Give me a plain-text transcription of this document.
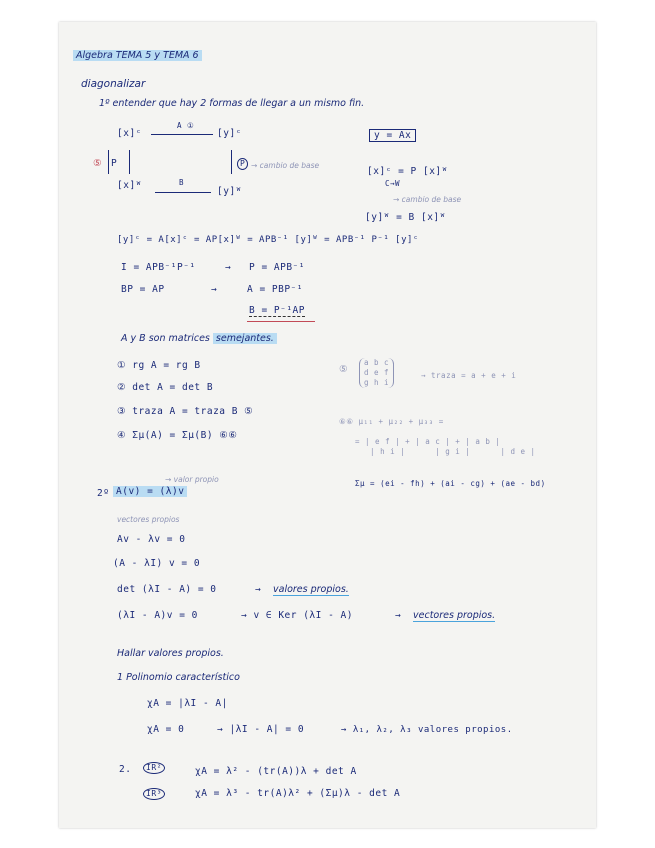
Algebra TEMA 5 y TEMA 6
diagonalizar
1º entender que hay 2 formas de llegar a un mismo fin.
[x]ᶜ
A ①
[y]ᶜ	y = Ax
⑤ P	P → cambio de base
[x]ᶜ = P [x]ᵂ
C→W
[x]ᵂ	B
[y]ᵂ
→ cambio de base
[y]ᵂ = B [x]ᵂ
[y]ᶜ = A[x]ᶜ = AP[x]ᵂ = APB⁻¹ [y]ᵂ = APB⁻¹ P⁻¹ [y]ᶜ
I = APB⁻¹P⁻¹	→ P = APB⁻¹
BP = AP	→	A = PBP⁻¹
B = P⁻¹AP
A y B son matrices semejantes.
① rg A = rg B
② det A = det B
③ traza A = traza B ⑤
④ Σμ(A) = Σμ(B) ⑥⑥
⑤
a b c
d e f
g h i
→ traza = a + e + i
⑥⑥ μ₁₁ + μ₂₂ + μ₃₃ =
= | e f | + | a c | + | a b |
| h i |      | g i |      | d e |
Σμ = (ei - fh) + (ai - cg) + (ae - bd)
2º A(v) = (λ)v
→ valor propio
vectores propios
Av - λv = 0
(A - λI) v = 0
det (λI - A) = 0	→ valores propios.
(λI - A)v = 0	→ v ∈ Ker (λI - A)	→ vectores propios.
Hallar valores propios.
1 Polinomio característico
χA = |λI - A|
χA = 0	→ |λI - A| = 0	→ λ₁, λ₂, λ₃ valores propios.
2.	IR²	χA = λ² - (tr(A))λ + det A
IR³	χA = λ³ - tr(A)λ² + (Σμ)λ - det A
